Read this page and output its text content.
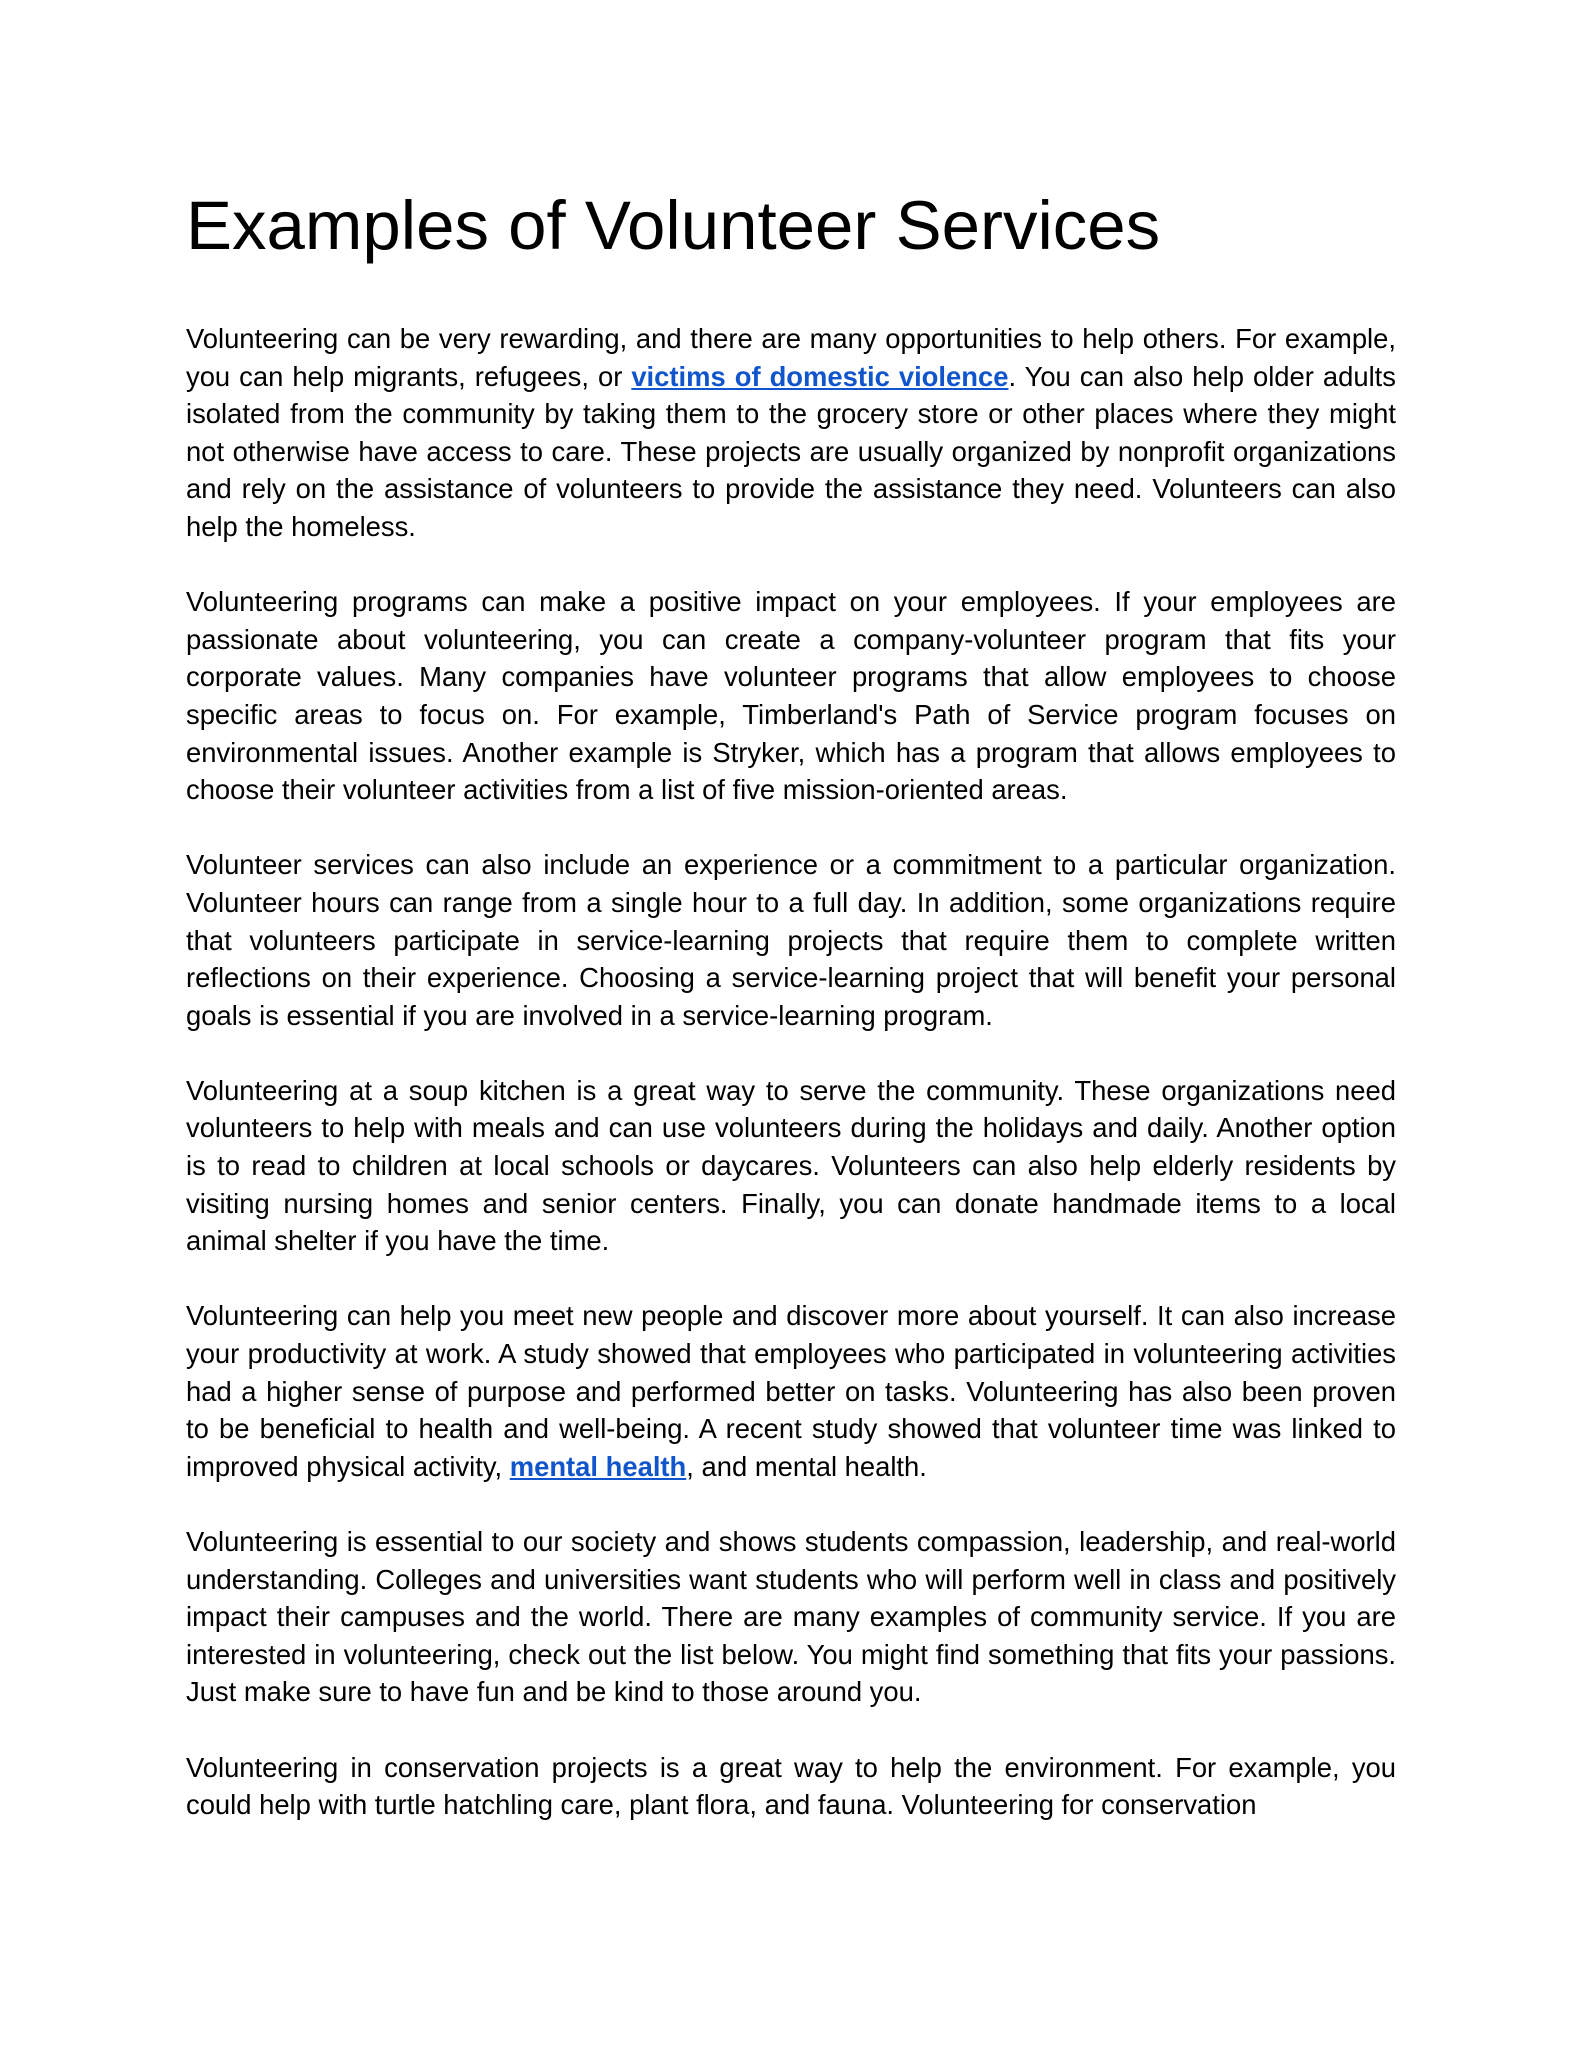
Examples of Volunteer Services

Volunteering can be very rewarding, and there are many opportunities to help others. For example, you can help migrants, refugees, or victims of domestic violence. You can also help older adults isolated from the community by taking them to the grocery store or other places where they might not otherwise have access to care. These projects are usually organized by nonprofit organizations and rely on the assistance of volunteers to provide the assistance they need. Volunteers can also help the homeless.

Volunteering programs can make a positive impact on your employees. If your employees are passionate about volunteering, you can create a company-volunteer program that fits your corporate values. Many companies have volunteer programs that allow employees to choose specific areas to focus on. For example, Timberland's Path of Service program focuses on environmental issues. Another example is Stryker, which has a program that allows employees to choose their volunteer activities from a list of five mission-oriented areas.

Volunteer services can also include an experience or a commitment to a particular organization. Volunteer hours can range from a single hour to a full day. In addition, some organizations require that volunteers participate in service-learning projects that require them to complete written reflections on their experience. Choosing a service-learning project that will benefit your personal goals is essential if you are involved in a service-learning program.

Volunteering at a soup kitchen is a great way to serve the community. These organizations need volunteers to help with meals and can use volunteers during the holidays and daily. Another option is to read to children at local schools or daycares. Volunteers can also help elderly residents by visiting nursing homes and senior centers. Finally, you can donate handmade items to a local animal shelter if you have the time.

Volunteering can help you meet new people and discover more about yourself. It can also increase your productivity at work. A study showed that employees who participated in volunteering activities had a higher sense of purpose and performed better on tasks. Volunteering has also been proven to be beneficial to health and well-being. A recent study showed that volunteer time was linked to improved physical activity, mental health, and mental health.

Volunteering is essential to our society and shows students compassion, leadership, and real-world understanding. Colleges and universities want students who will perform well in class and positively impact their campuses and the world. There are many examples of community service. If you are interested in volunteering, check out the list below. You might find something that fits your passions. Just make sure to have fun and be kind to those around you.

Volunteering in conservation projects is a great way to help the environment. For example, you could help with turtle hatchling care, plant flora, and fauna. Volunteering for conservation
